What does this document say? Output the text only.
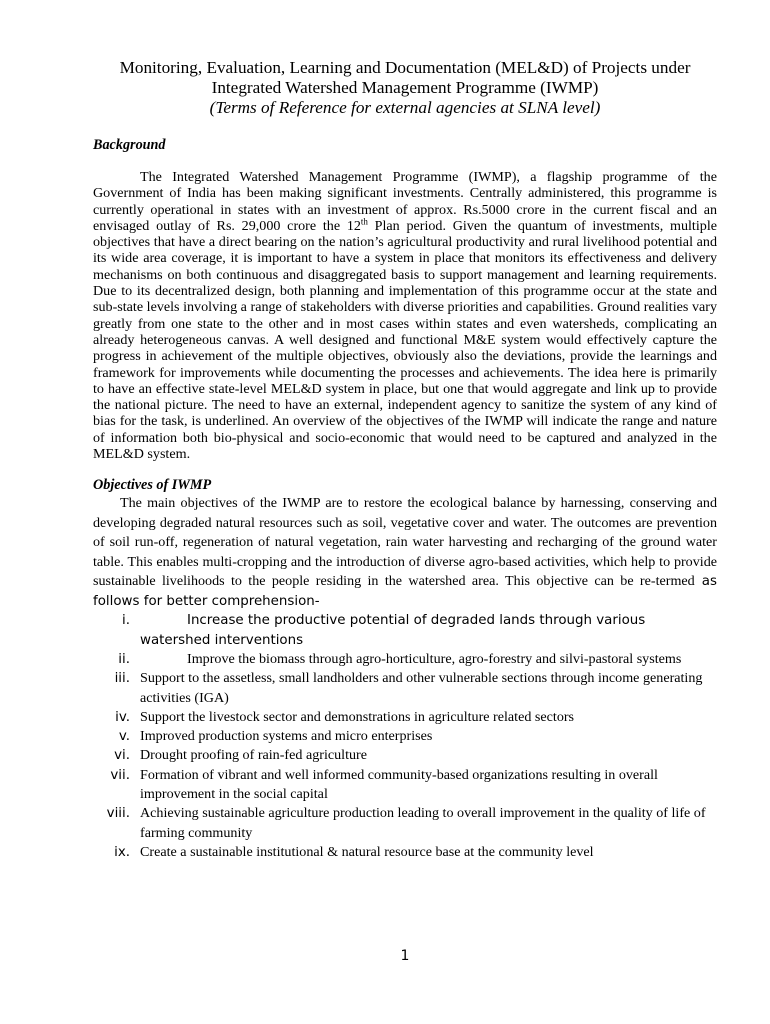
Monitoring, Evaluation, Learning and Documentation (MEL&D) of Projects under
Integrated Watershed Management Programme (IWMP)
(Terms of Reference for external agencies at SLNA level)
Background

The Integrated Watershed Management Programme (IWMP), a flagship programme of the Government of India has been making significant investments. Centrally administered, this programme is currently operational in states with an investment of approx. Rs.5000 crore in the current fiscal and an envisaged outlay of Rs. 29,000 crore the 12th Plan period. Given the quantum of investments, multiple objectives that have a direct bearing on the nation’s agricultural productivity and rural livelihood potential and its wide area coverage, it is important to have a system in place that monitors its effectiveness and delivery mechanisms on both continuous and disaggregated basis to support management and learning requirements. Due to its decentralized design, both planning and implementation of this programme occur at the state and sub-state levels involving a range of stakeholders with diverse priorities and capabilities. Ground realities vary greatly from one state to the other and in most cases within states and even watersheds, complicating an already heterogeneous canvas. A well designed and functional M&E system would effectively capture the progress in achievement of the multiple objectives, obviously also the deviations, provide the learnings and framework for improvements while documenting the processes and achievements. The idea here is primarily to have an effective state-level MEL&D system in place, but one that would aggregate and link up to provide the national picture. The need to have an external, independent agency to sanitize the system of any kind of bias for the task, is underlined. An overview of the objectives of the IWMP will indicate the range and nature of information both bio-physical and socio-economic that would need to be captured and analyzed in the MEL&D system.

Objectives of IWMP

The main objectives of the IWMP are to restore the ecological balance by harnessing, conserving and developing degraded natural resources such as soil, vegetative cover and water. The outcomes are prevention of soil run-off, regeneration of natural vegetation, rain water harvesting and recharging of the ground water table. This enables multi-cropping and the introduction of diverse agro-based activities, which help to provide sustainable livelihoods to the people residing in the watershed area. This objective can be re-termed as follows for better comprehension-

i.	Increase the productive potential of degraded lands through various watershed interventions
ii.	Improve the biomass through agro-horticulture, agro-forestry and silvi-pastoral systems
iii. Support to the assetless, small landholders and other vulnerable sections through income generating activities (IGA)
iv. Support the livestock sector and demonstrations in agriculture related sectors
v. Improved production systems and micro enterprises
vi. Drought proofing of rain-fed agriculture
vii. Formation of vibrant and well informed community-based organizations resulting in overall improvement in the social capital
viii. Achieving sustainable agriculture production leading to overall improvement in the quality of life of farming community
ix. Create a sustainable institutional & natural resource base at the community level
1
